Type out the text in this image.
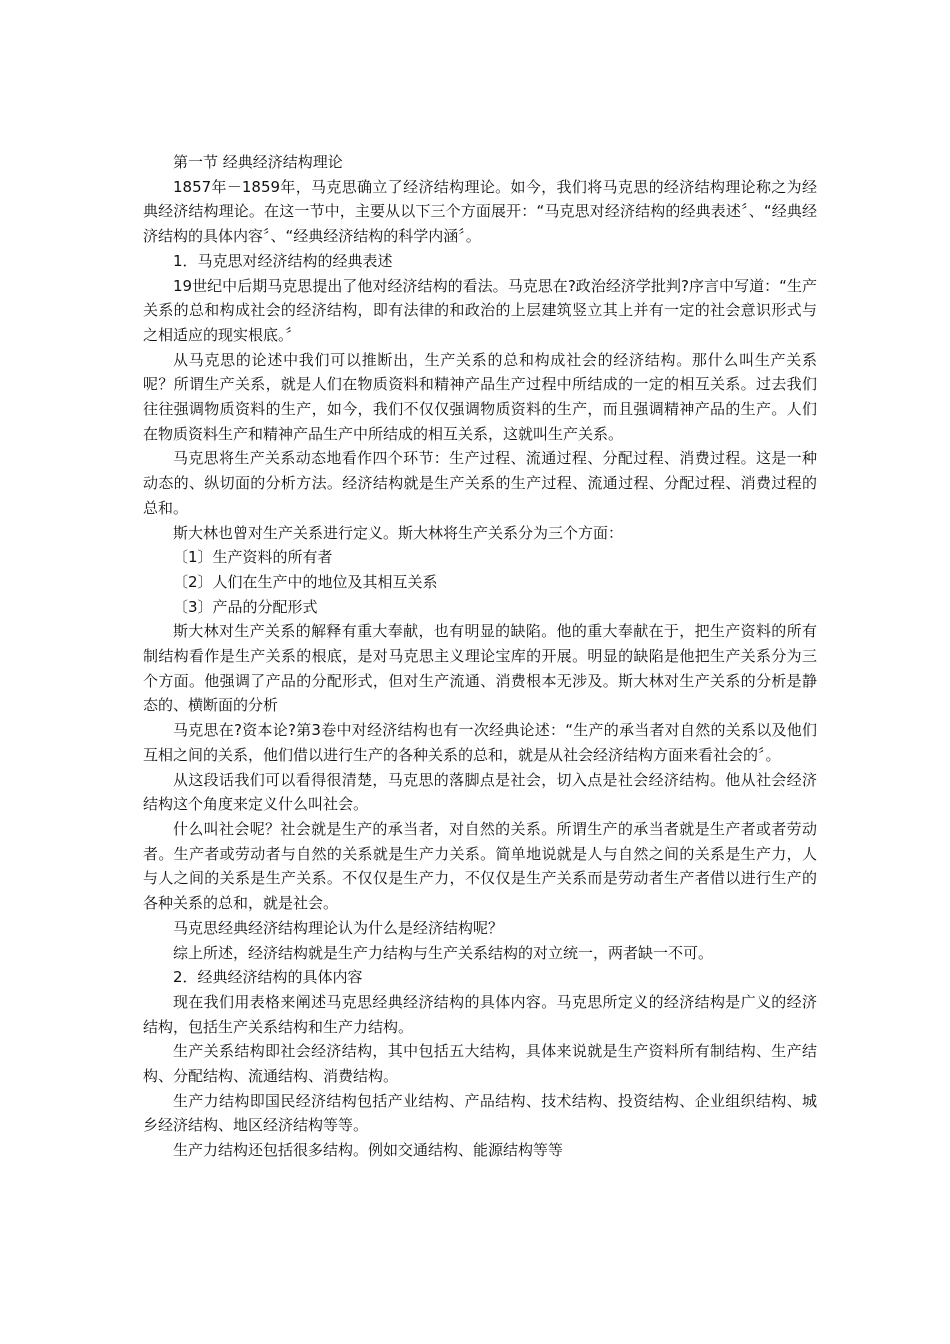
第一节 经典经济结构理论

1857年－1859年，马克思确立了经济结构理论。如今，我们将马克思的经济结构理论称之为经典经济结构理论。在这一节中，主要从以下三个方面展开：“马克思对经济结构的经典表述〞、“经典经济结构的具体内容〞、“经典经济结构的科学内涵〞。

1．马克思对经济结构的经典表述

19世纪中后期马克思提出了他对经济结构的看法。马克思在?政治经济学批判?序言中写道：“生产关系的总和构成社会的经济结构，即有法律的和政治的上层建筑竖立其上并有一定的社会意识形式与之相适应的现实根底。〞

从马克思的论述中我们可以推断出，生产关系的总和构成社会的经济结构。那什么叫生产关系呢？所谓生产关系，就是人们在物质资料和精神产品生产过程中所结成的一定的相互关系。过去我们往往强调物质资料的生产，如今，我们不仅仅强调物质资料的生产，而且强调精神产品的生产。人们在物质资料生产和精神产品生产中所结成的相互关系，这就叫生产关系。

马克思将生产关系动态地看作四个环节：生产过程、流通过程、分配过程、消费过程。这是一种动态的、纵切面的分析方法。经济结构就是生产关系的生产过程、流通过程、分配过程、消费过程的总和。

斯大林也曾对生产关系进行定义。斯大林将生产关系分为三个方面：

〔1〕生产资料的所有者

〔2〕人们在生产中的地位及其相互关系

〔3〕产品的分配形式

斯大林对生产关系的解释有重大奉献，也有明显的缺陷。他的重大奉献在于，把生产资料的所有制结构看作是生产关系的根底，是对马克思主义理论宝库的开展。明显的缺陷是他把生产关系分为三个方面。他强调了产品的分配形式，但对生产流通、消费根本无涉及。斯大林对生产关系的分析是静态的、横断面的分析

马克思在?资本论?第3卷中对经济结构也有一次经典论述：“生产的承当者对自然的关系以及他们互相之间的关系，他们借以进行生产的各种关系的总和，就是从社会经济结构方面来看社会的〞。

从这段话我们可以看得很清楚，马克思的落脚点是社会，切入点是社会经济结构。他从社会经济结构这个角度来定义什么叫社会。

什么叫社会呢？社会就是生产的承当者，对自然的关系。所谓生产的承当者就是生产者或者劳动者。生产者或劳动者与自然的关系就是生产力关系。简单地说就是人与自然之间的关系是生产力，人与人之间的关系是生产关系。不仅仅是生产力，不仅仅是生产关系而是劳动者生产者借以进行生产的各种关系的总和，就是社会。

马克思经典经济结构理论认为什么是经济结构呢？

综上所述，经济结构就是生产力结构与生产关系结构的对立统一，两者缺一不可。

2．经典经济结构的具体内容

现在我们用表格来阐述马克思经典经济结构的具体内容。马克思所定义的经济结构是广义的经济结构，包括生产关系结构和生产力结构。

生产关系结构即社会经济结构，其中包括五大结构，具体来说就是生产资料所有制结构、生产结构、分配结构、流通结构、消费结构。

生产力结构即国民经济结构包括产业结构、产品结构、技术结构、投资结构、企业组织结构、城乡经济结构、地区经济结构等等。

生产力结构还包括很多结构。例如交通结构、能源结构等等
